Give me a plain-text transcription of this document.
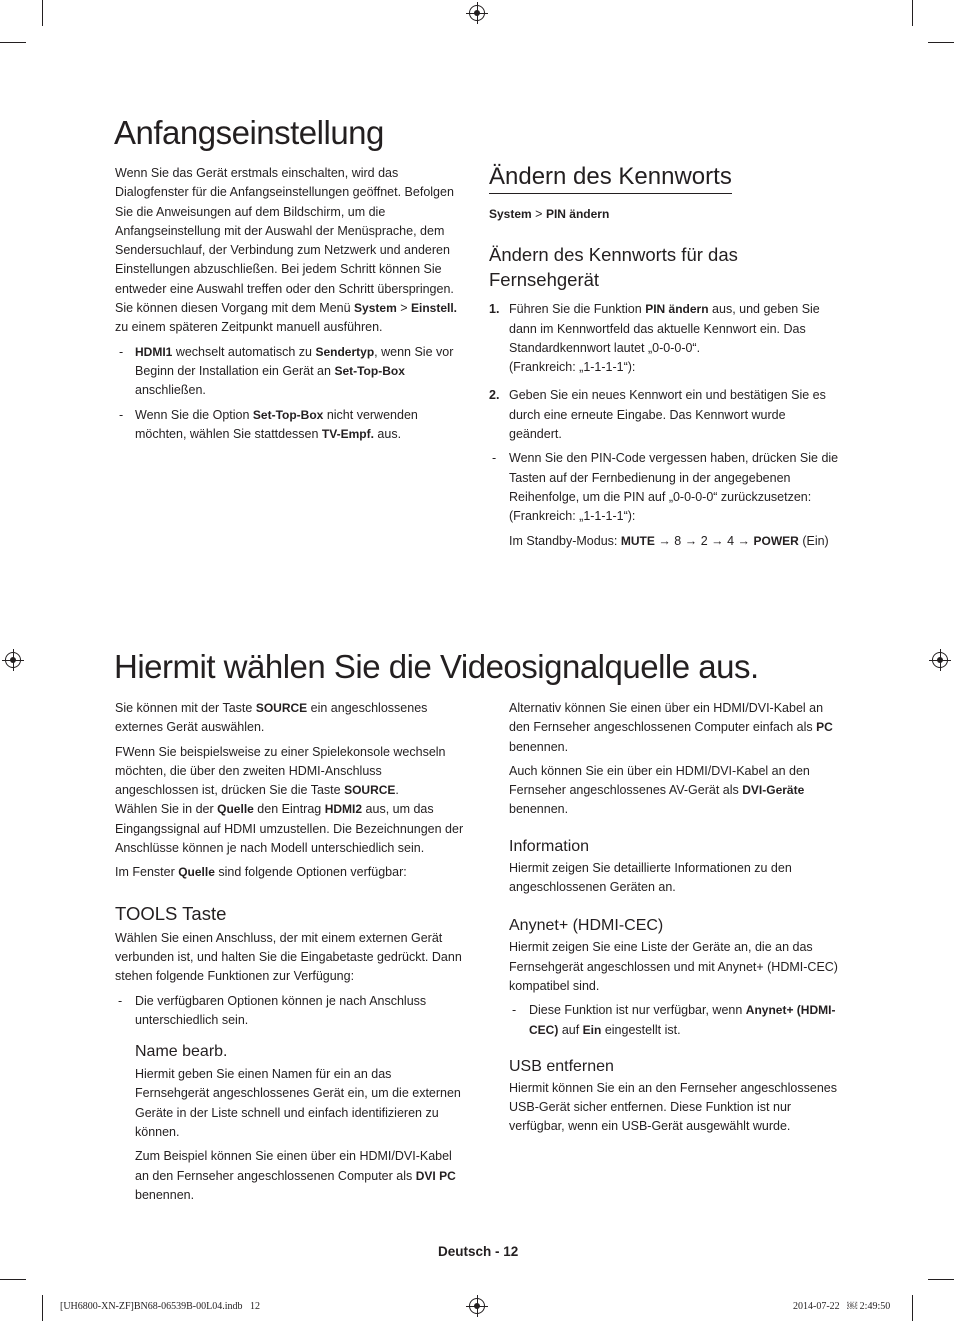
Anfangseinstellung

Wenn Sie das Gerät erstmals einschalten, wird das Dialogfenster für die Anfangseinstellungen geöffnet. Befolgen Sie die Anweisungen auf dem Bildschirm, um die Anfangseinstellung mit der Auswahl der Menüsprache, dem Sendersuchlauf, der Verbindung zum Netzwerk und anderen Einstellungen abzuschließen. Bei jedem Schritt können Sie entweder eine Auswahl treffen oder den Schritt überspringen. Sie können diesen Vorgang mit dem Menü System > Einstell. zu einem späteren Zeitpunkt manuell ausführen.

- HDMI1 wechselt automatisch zu Sendertyp, wenn Sie vor Beginn der Installation ein Gerät an Set-Top-Box anschließen.
- Wenn Sie die Option Set-Top-Box nicht verwenden möchten, wählen Sie stattdessen TV-Empf. aus.
Ändern des Kennworts

System > PIN ändern

Ändern des Kennworts für das
Fernsehgerät
1. Führen Sie die Funktion PIN ändern aus, und geben Sie dann im Kennwortfeld das aktuelle Kennwort ein. Das Standardkennwort lautet „0-0-0-0“.
(Frankreich: „1-1-1-1“):
2. Geben Sie ein neues Kennwort ein und bestätigen Sie es durch eine erneute Eingabe. Das Kennwort wurde geändert.
- Wenn Sie den PIN-Code vergessen haben, drücken Sie die Tasten auf der Fernbedienung in der angegebenen Reihenfolge, um die PIN auf „0-0-0-0“ zurückzusetzen:
(Frankreich: „1-1-1-1“):

Im Standby-Modus: MUTE → 8 → 2 → 4 → POWER (Ein)

Hiermit wählen Sie die Videosignalquelle aus.

Sie können mit der Taste SOURCE ein angeschlossenes externes Gerät auswählen.

FWenn Sie beispielsweise zu einer Spielekonsole wechseln möchten, die über den zweiten HDMI-Anschluss angeschlossen ist, drücken Sie die Taste SOURCE.
Wählen Sie in der Quelle den Eintrag HDMI2 aus, um das Eingangssignal auf HDMI umzustellen. Die Bezeichnungen der Anschlüsse können je nach Modell unterschiedlich sein.

Im Fenster Quelle sind folgende Optionen verfügbar:

TOOLS Taste

Wählen Sie einen Anschluss, der mit einem externen Gerät verbunden ist, und halten Sie die Eingabetaste gedrückt. Dann stehen folgende Funktionen zur Verfügung:

- Die verfügbaren Optionen können je nach Anschluss unterschiedlich sein.
Name bearb.

Hiermit geben Sie einen Namen für ein an das Fernsehgerät angeschlossenes Gerät ein, um die externen Geräte in der Liste schnell und einfach identifizieren zu können.

Zum Beispiel können Sie einen über ein HDMI/DVI-Kabel an den Fernseher angeschlossenen Computer als DVI PC benennen.

Alternativ können Sie einen über ein HDMI/DVI-Kabel an den Fernseher angeschlossenen Computer einfach als PC benennen.

Auch können Sie ein über ein HDMI/DVI-Kabel an den Fernseher angeschlossenes AV-Gerät als DVI-Geräte benennen.

Information

Hiermit zeigen Sie detaillierte Informationen zu den angeschlossenen Geräten an.

Anynet+ (HDMI-CEC)

Hiermit zeigen Sie eine Liste der Geräte an, die an das Fernsehgerät angeschlossen und mit Anynet+ (HDMI-CEC) kompatibel sind.

- Diese Funktion ist nur verfügbar, wenn Anynet+ (HDMI-CEC) auf Ein eingestellt ist.
USB entfernen

Hiermit können Sie ein an den Fernseher angeschlossenes USB-Gerät sicher entfernen. Diese Funktion ist nur verfügbar, wenn ein USB-Gerät ausgewählt wurde.

Deutsch - 12
[UH6800-XN-ZF]BN68-06539B-00L04.indb   12	2014-07-22   ￼ 2:49:50
